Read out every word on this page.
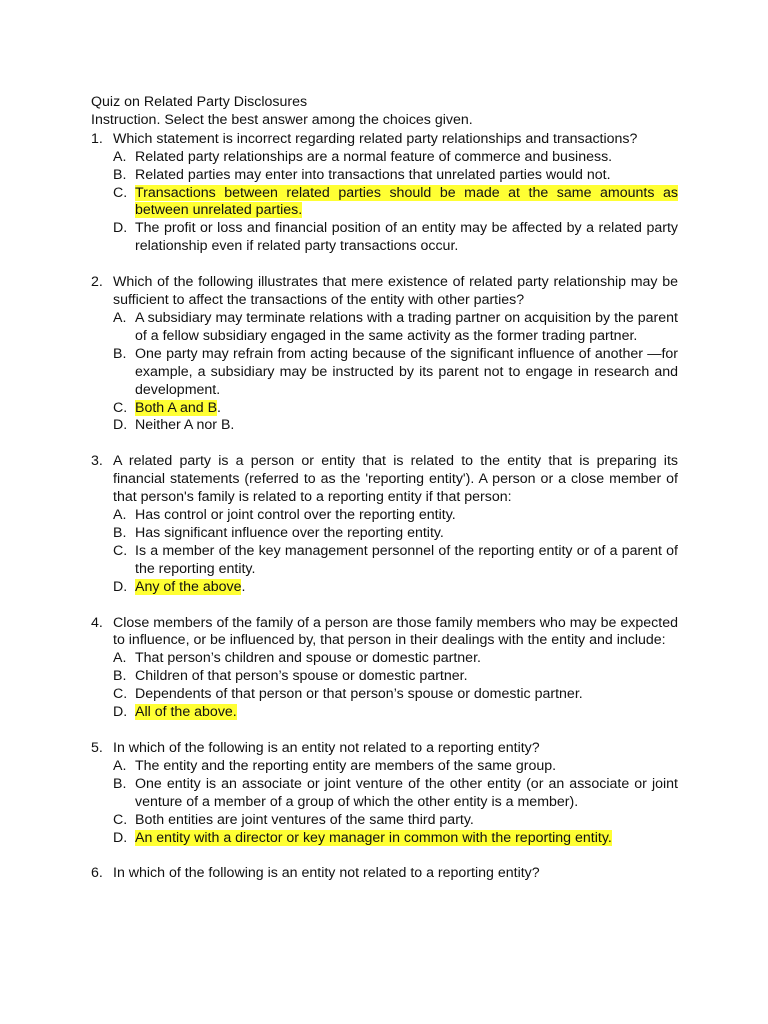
Quiz on Related Party Disclosures

Instruction. Select the best answer among the choices given.

1. Which statement is incorrect regarding related party relationships and transactions?
A. Related party relationships are a normal feature of commerce and business.
B. Related parties may enter into transactions that unrelated parties would not.
C. Transactions between related parties should be made at the same amounts as between unrelated parties.
D. The profit or loss and financial position of an entity may be affected by a related party relationship even if related party transactions occur.
2. Which of the following illustrates that mere existence of related party relationship may be sufficient to affect the transactions of the entity with other parties?
A. A subsidiary may terminate relations with a trading partner on acquisition by the parent of a fellow subsidiary engaged in the same activity as the former trading partner.
B. One party may refrain from acting because of the significant influence of another —for example, a subsidiary may be instructed by its parent not to engage in research and development.
C. Both A and B.
D. Neither A nor B.
3. A related party is a person or entity that is related to the entity that is preparing its financial statements (referred to as the 'reporting entity'). A person or a close member of that person's family is related to a reporting entity if that person:
A. Has control or joint control over the reporting entity.
B. Has significant influence over the reporting entity.
C. Is a member of the key management personnel of the reporting entity or of a parent of the reporting entity.
D. Any of the above.
4. Close members of the family of a person are those family members who may be expected to influence, or be influenced by, that person in their dealings with the entity and include:
A. That person’s children and spouse or domestic partner.
B. Children of that person’s spouse or domestic partner.
C. Dependents of that person or that person’s spouse or domestic partner.
D. All of the above.
5. In which of the following is an entity not related to a reporting entity?
A. The entity and the reporting entity are members of the same group.
B. One entity is an associate or joint venture of the other entity (or an associate or joint venture of a member of a group of which the other entity is a member).
C. Both entities are joint ventures of the same third party.
D. An entity with a director or key manager in common with the reporting entity.
6. In which of the following is an entity not related to a reporting entity?
